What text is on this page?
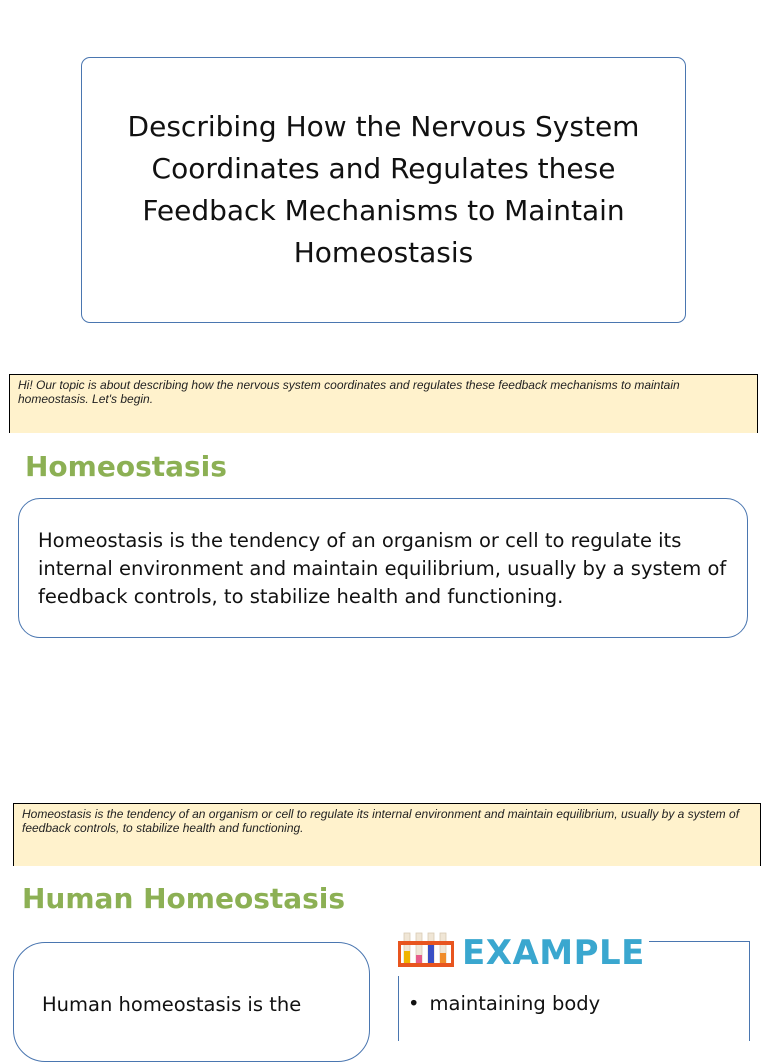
Describing How the Nervous System
Coordinates and Regulates these
Feedback Mechanisms to Maintain
Homeostasis
Hi! Our topic is about describing how the nervous system coordinates and regulates these feedback mechanisms to maintain homeostasis. Let's begin.
Homeostasis
Homeostasis is the tendency of an organism or cell to regulate its internal environment and maintain equilibrium, usually by a system of feedback controls, to stabilize health and functioning.
Homeostasis is the tendency of an organism or cell to regulate its internal environment and maintain equilibrium, usually by a system of feedback controls, to stabilize health and functioning.
Human Homeostasis
Human homeostasis is the
EXAMPLE
• maintaining body
